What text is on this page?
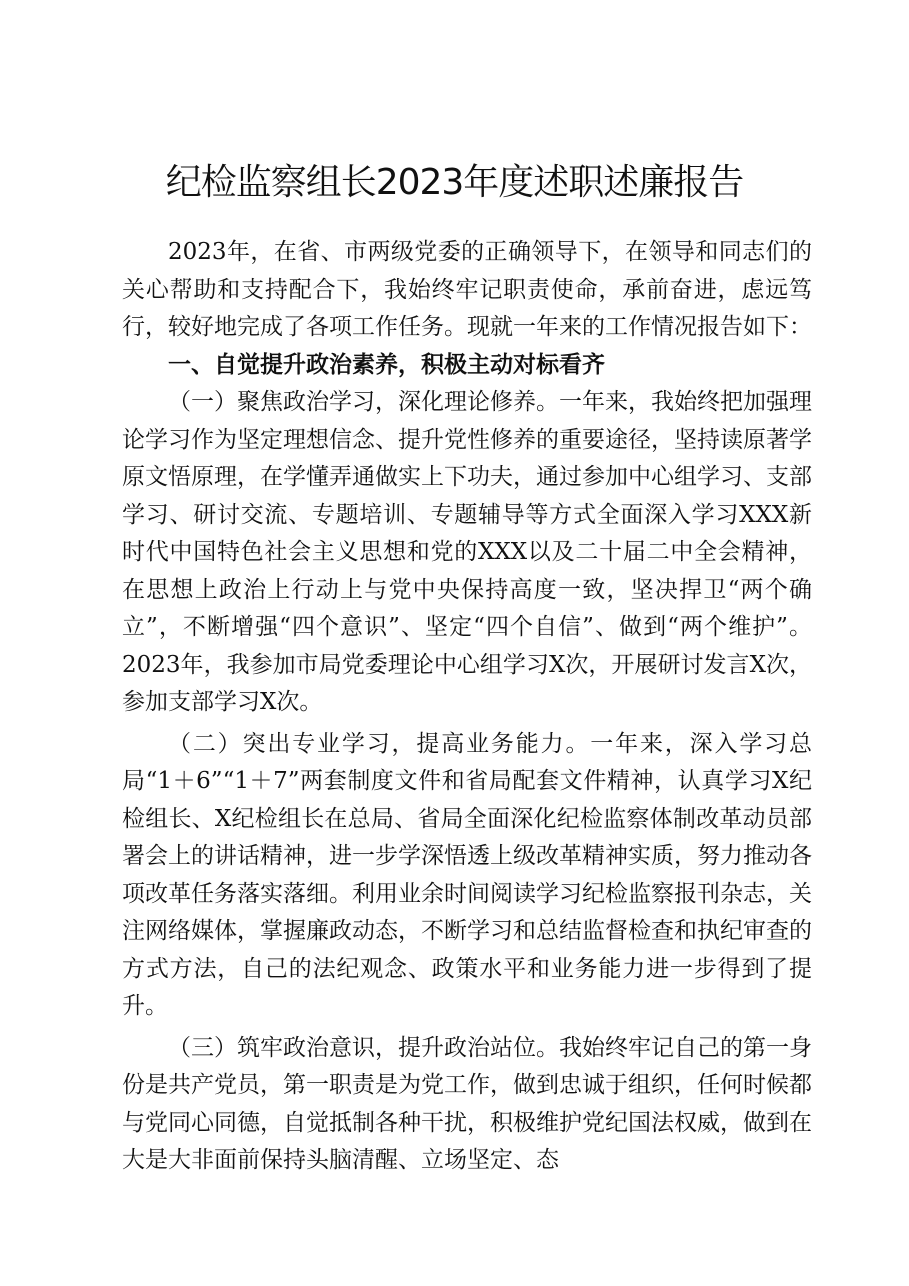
纪检监察组长2023年度述职述廉报告

2023年，在省、市两级党委的正确领导下，在领导和同志们的关心帮助和支持配合下，我始终牢记职责使命，承前奋进，虑远笃行，较好地完成了各项工作任务。现就一年来的工作情况报告如下：

一、自觉提升政治素养，积极主动对标看齐

（一）聚焦政治学习，深化理论修养。一年来，我始终把加强理论学习作为坚定理想信念、提升党性修养的重要途径，坚持读原著学原文悟原理，在学懂弄通做实上下功夫，通过参加中心组学习、支部学习、研讨交流、专题培训、专题辅导等方式全面深入学习XXX新时代中国特色社会主义思想和党的XXX以及二十届二中全会精神，在思想上政治上行动上与党中央保持高度一致，坚决捍卫“两个确立”，不断增强“四个意识”、坚定“四个自信”、做到“两个维护”。2023年，我参加市局党委理论中心组学习X次，开展研讨发言X次，参加支部学习X次。

（二）突出专业学习，提高业务能力。一年来，深入学习总局“1＋6”“1＋7”两套制度文件和省局配套文件精神，认真学习X纪检组长、X纪检组长在总局、省局全面深化纪检监察体制改革动员部署会上的讲话精神，进一步学深悟透上级改革精神实质，努力推动各项改革任务落实落细。利用业余时间阅读学习纪检监察报刊杂志，关注网络媒体，掌握廉政动态，不断学习和总结监督检查和执纪审查的方式方法，自己的法纪观念、政策水平和业务能力进一步得到了提升。

（三）筑牢政治意识，提升政治站位。我始终牢记自己的第一身份是共产党员，第一职责是为党工作，做到忠诚于组织，任何时候都与党同心同德，自觉抵制各种干扰，积极维护党纪国法权威，做到在大是大非面前保持头脑清醒、立场坚定、态
